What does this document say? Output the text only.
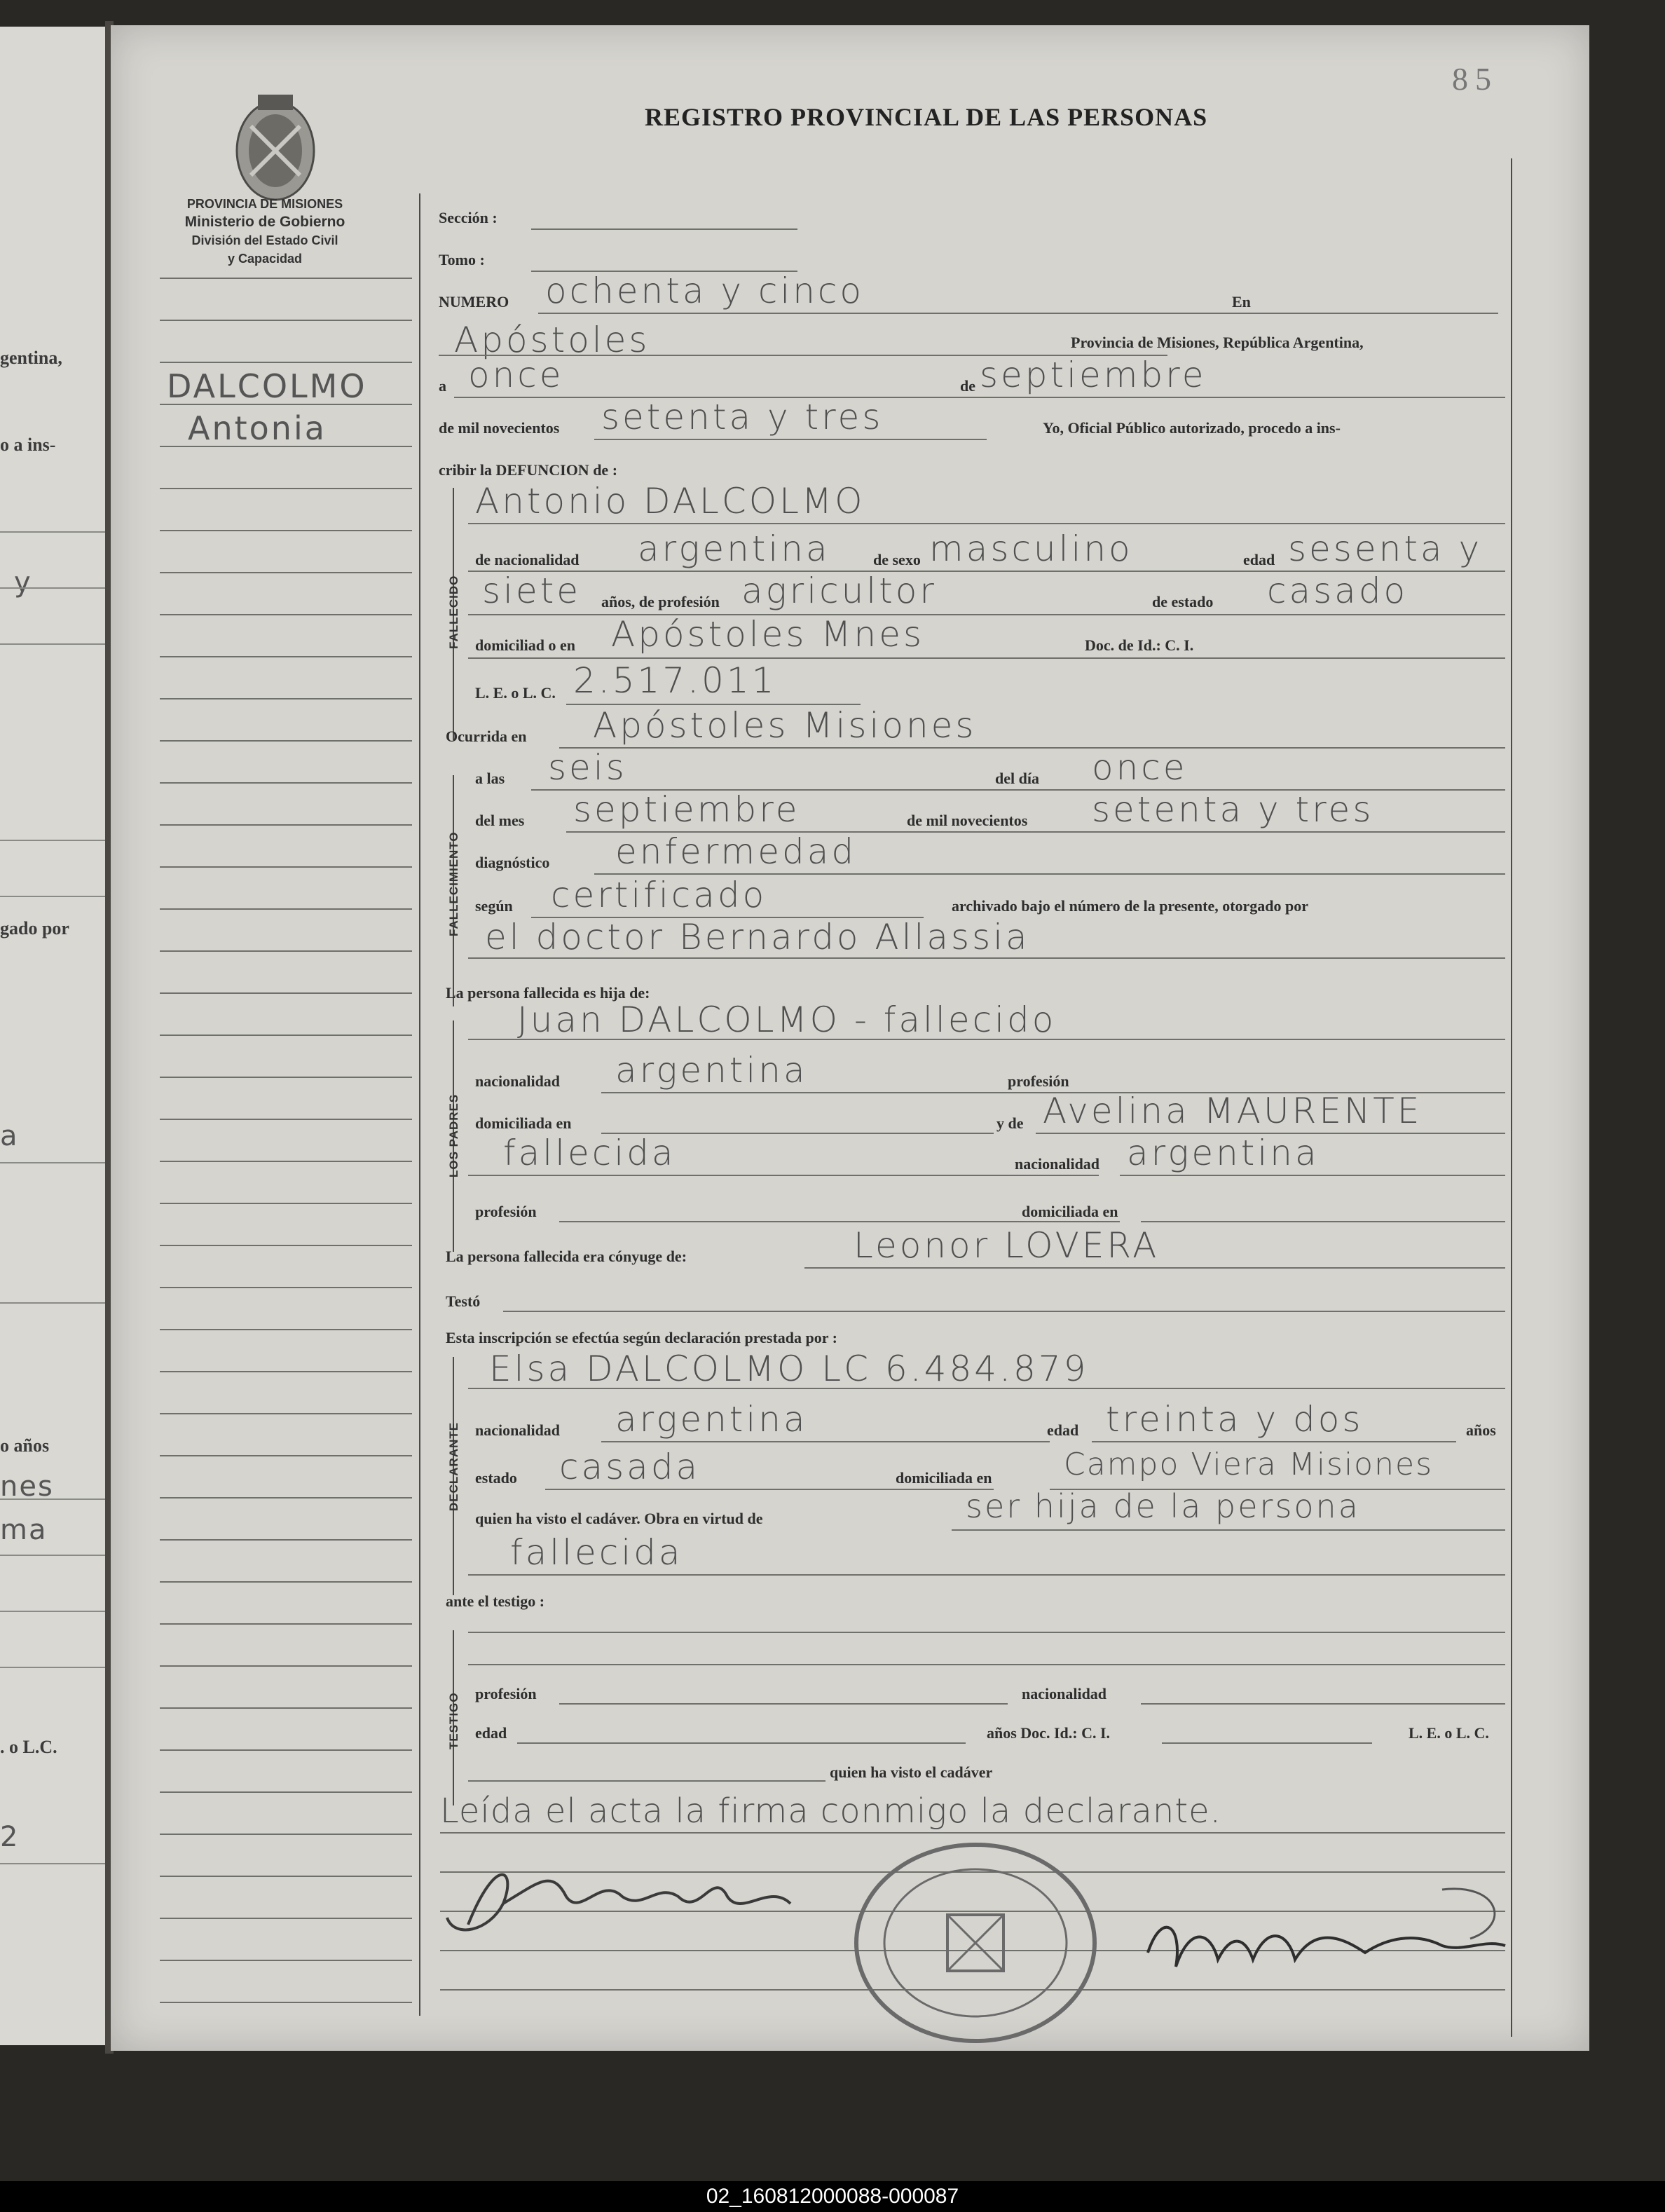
gentina,
o a ins-
y
a
gado por
o años
nes
ma
. o L.C.
2
85
REGISTRO PROVINCIAL DE LAS PERSONAS
PROVINCIA DE MISIONES
Ministerio de Gobierno
División del Estado Civil
y Capacidad
DALCOLMO
Antonia
Sección :
Tomo :
NUMERO ochenta y cinco	En
Apóstoles	Provincia de Misiones, República Argentina,
a once	de septiembre
de mil novecientos setenta y tres	Yo, Oficial Público autorizado, procedo a ins-
cribir la DEFUNCION de :
FALLECIDO
Antonio DALCOLMO
de nacionalidad argentina	de sexo masculino	edad sesenta y
siete años, de profesión agricultor	de estado casado
domiciliad o en Apóstoles Mnes	Doc. de Id.: C. I.
L. E. o L. C. 2.517.011
Ocurrida en Apóstoles Misiones
FALLECIMIENTO
a las seis	del día once
del mes septiembre	de mil novecientos setenta y tres
diagnóstico enfermedad
según certificado	archivado bajo el número de la presente, otorgado por
el doctor Bernardo Allassia
La persona fallecida es hija de:
LOS PADRES
Juan DALCOLMO - fallecido
nacionalidad argentina	profesión
domiciliada en	y de Avelina MAURENTE
fallecida	nacionalidad argentina
profesión	domiciliada en
La persona fallecida era cónyuge de:	Leonor LOVERA
Testó
Esta inscripción se efectúa según declaración prestada por :
DECLARANTE
Elsa DALCOLMO LC 6.484.879
nacionalidad argentina	edad treinta y dos	años
estado casada	domiciliada en Campo Viera Misiones
quien ha visto el cadáver. Obra en virtud de	ser hija de la persona
fallecida
ante el testigo :
TESTIGO profesión	nacionalidad
edad	años Doc. Id.: C. I.	L. E. o L. C.
quien ha visto el cadáver
Leída el acta la firma conmigo la declarante.
02_160812000088-000087
